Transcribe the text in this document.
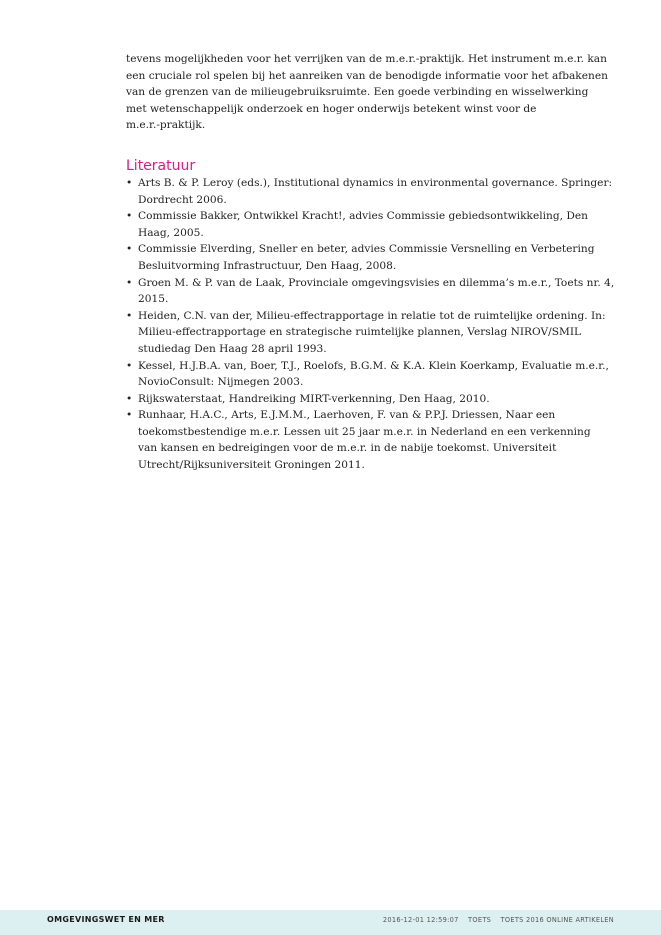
tevens mogelijkheden voor het verrijken van de m.e.r.-praktijk. Het instrument m.e.r. kan
een cruciale rol spelen bij het aanreiken van de benodigde informatie voor het afbakenen
van de grenzen van de milieugebruiksruimte. Een goede verbinding en wisselwerking
met wetenschappelijk onderzoek en hoger onderwijs betekent winst voor de
m.e.r.-praktijk.

Literatuur
• Arts B. & P. Leroy (eds.), Institutional dynamics in environmental governance. Springer:
Dordrecht 2006.
• Commissie Bakker, Ontwikkel Kracht!, advies Commissie gebiedsontwikkeling, Den
Haag, 2005.
• Commissie Elverding, Sneller en beter, advies Commissie Versnelling en Verbetering
Besluitvorming Infrastructuur, Den Haag, 2008.
• Groen M. & P. van de Laak, Provinciale omgevingsvisies en dilemma’s m.e.r., Toets nr. 4,
2015.
• Heiden, C.N. van der, Milieu-effectrapportage in relatie tot de ruimtelijke ordening. In:
Milieu-effectrapportage en strategische ruimtelijke plannen, Verslag NIROV/SMIL
studiedag Den Haag 28 april 1993.
• Kessel, H.J.B.A. van, Boer, T.J., Roelofs, B.G.M. & K.A. Klein Koerkamp, Evaluatie m.e.r.,
NovioConsult: Nijmegen 2003.
• Rijkswaterstaat, Handreiking MIRT-verkenning, Den Haag, 2010.
• Runhaar, H.A.C., Arts, E.J.M.M., Laerhoven, F. van & P.P.J. Driessen, Naar een
toekomstbestendige m.e.r. Lessen uit 25 jaar m.e.r. in Nederland en een verkenning
van kansen en bedreigingen voor de m.e.r. in de nabije toekomst. Universiteit
Utrecht/Rijksuniversiteit Groningen 2011.
OMGEVINGSWET EN MER	2016-12-01 12:59:07 TOETS TOETS 2016 ONLINE ARTIKELEN
